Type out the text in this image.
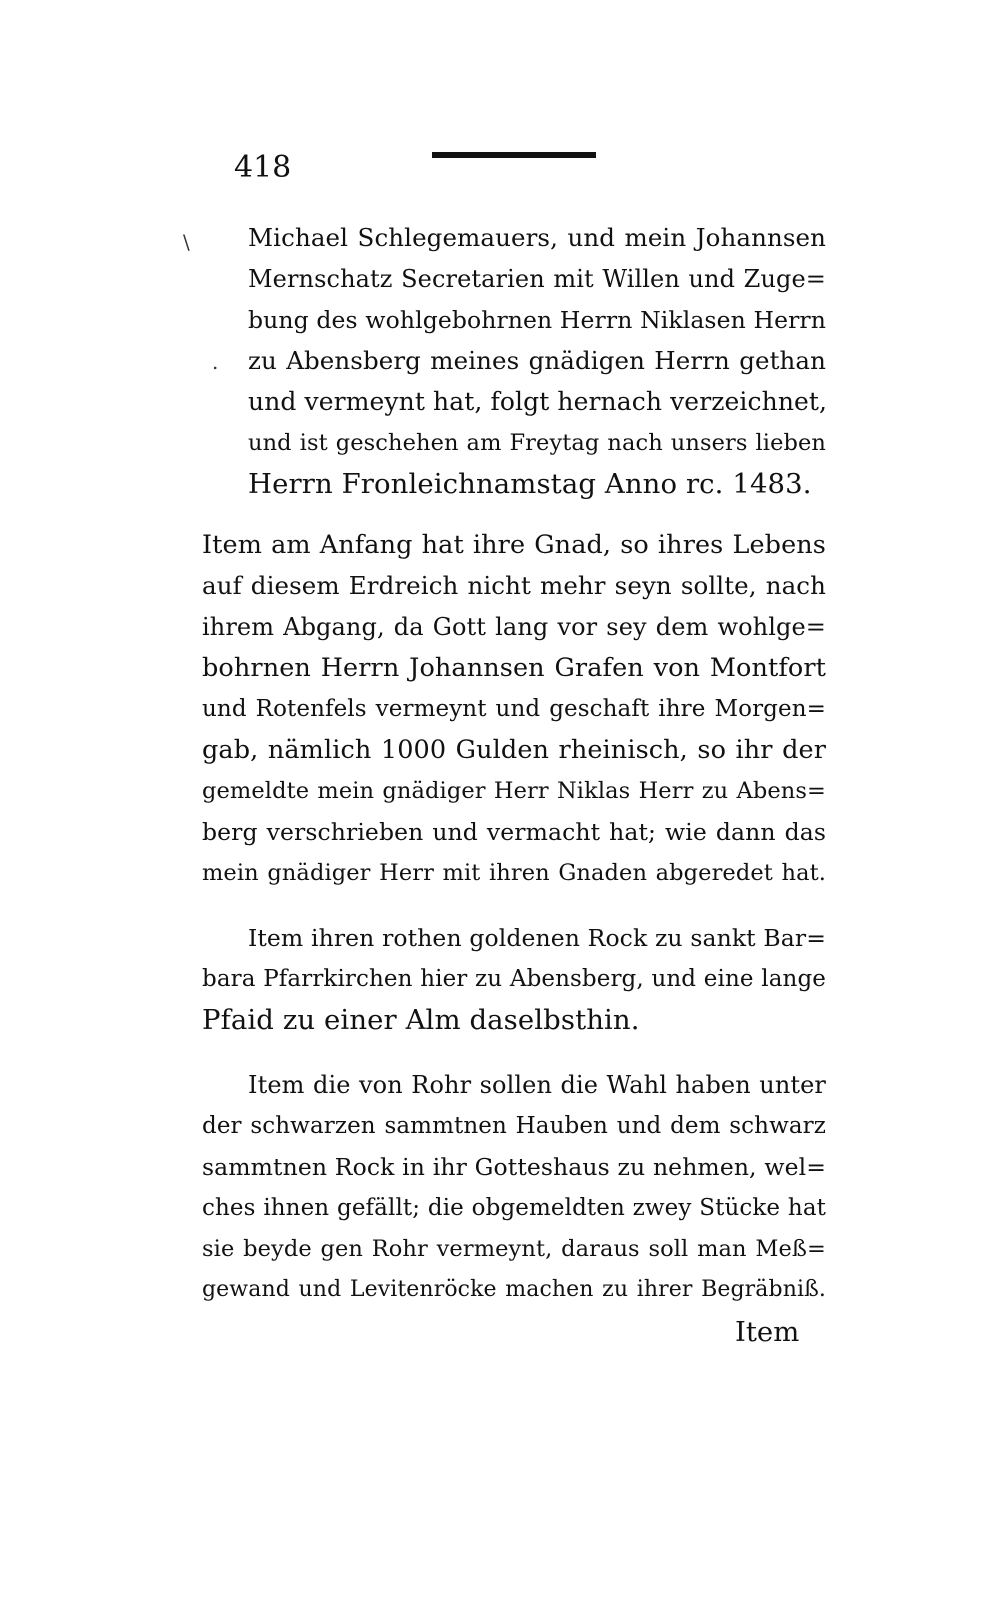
418
\
.
Michael Schlegemauers, und mein Johannsen
Mernschatz Secretarien mit Willen und Zuge=
bung des wohlgebohrnen Herrn Niklasen Herrn
zu Abensberg meines gnädigen Herrn gethan
und vermeynt hat, folgt hernach verzeichnet,
und ist geschehen am Freytag nach unsers lieben
Herrn Fronleichnamstag Anno rc. 1483.
Item am Anfang hat ihre Gnad, so ihres Lebens
auf diesem Erdreich nicht mehr seyn sollte, nach
ihrem Abgang, da Gott lang vor sey dem wohlge=
bohrnen Herrn Johannsen Grafen von Montfort
und Rotenfels vermeynt und geschaft ihre Morgen=
gab, nämlich 1000 Gulden rheinisch, so ihr der
gemeldte mein gnädiger Herr Niklas Herr zu Abens=
berg verschrieben und vermacht hat; wie dann das
mein gnädiger Herr mit ihren Gnaden abgeredet hat.
Item ihren rothen goldenen Rock zu sankt Bar=
bara Pfarrkirchen hier zu Abensberg, und eine lange
Pfaid zu einer Alm daselbsthin.
Item die von Rohr sollen die Wahl haben unter
der schwarzen sammtnen Hauben und dem schwarz
sammtnen Rock in ihr Gotteshaus zu nehmen, wel=
ches ihnen gefällt; die obgemeldten zwey Stücke hat
sie beyde gen Rohr vermeynt, daraus soll man Meß=
gewand und Levitenröcke machen zu ihrer Begräbniß.
Item
